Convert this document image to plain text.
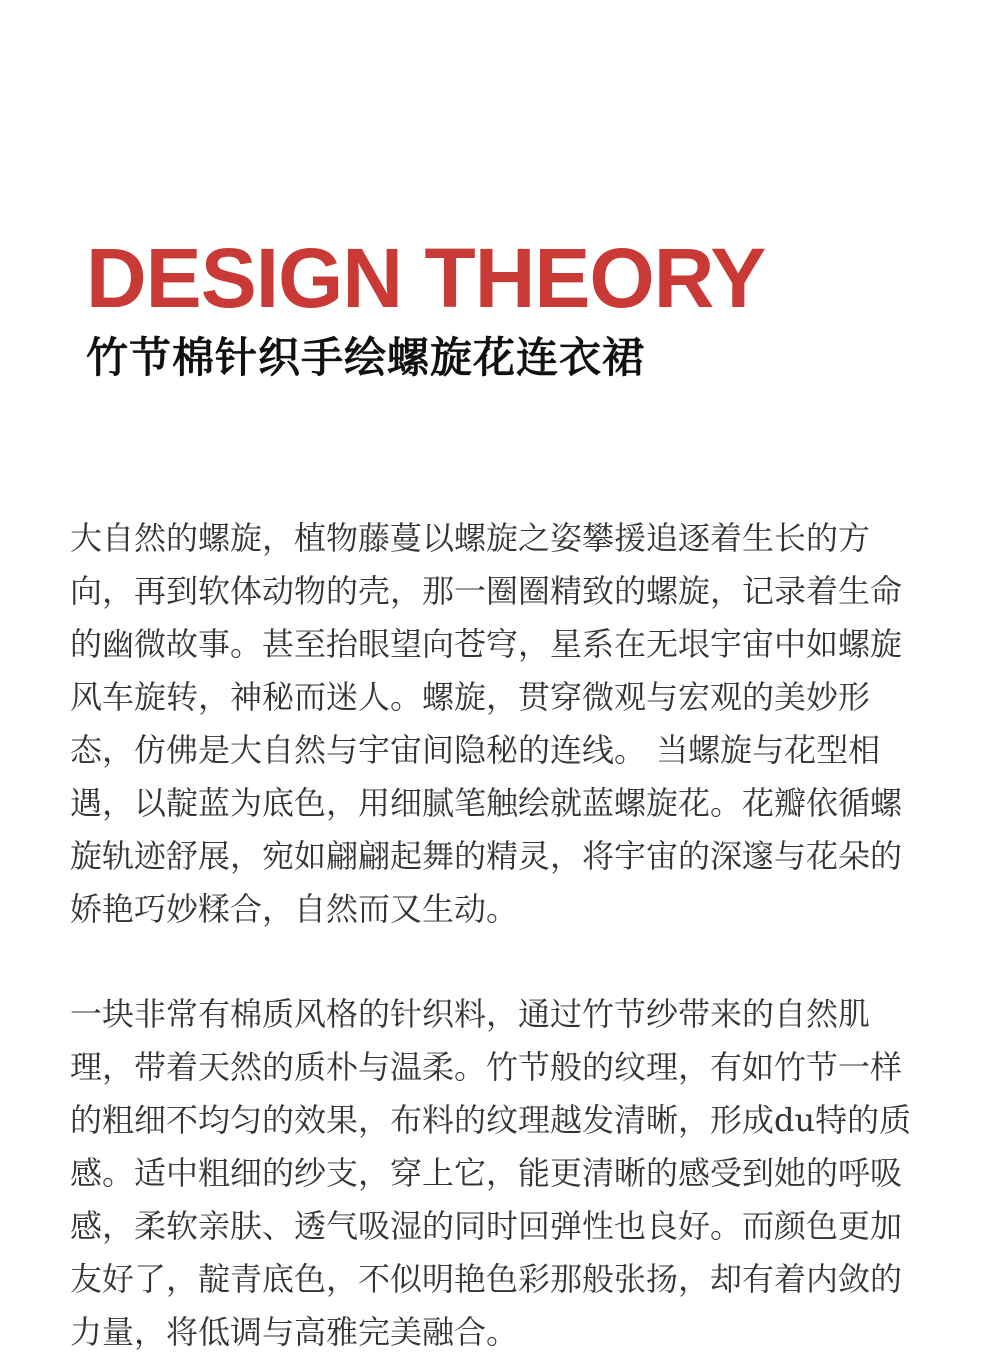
DESIGN THEORY
竹节棉针织手绘螺旋花连衣裙

大自然的螺旋，植物藤蔓以螺旋之姿攀援追逐着生长的方向，再到软体动物的壳，那一圈圈精致的螺旋，记录着生命的幽微故事。甚至抬眼望向苍穹，星系在无垠宇宙中如螺旋风车旋转，神秘而迷人。螺旋，贯穿微观与宏观的美妙形态，仿佛是大自然与宇宙间隐秘的连线。 当螺旋与花型相遇，以靛蓝为底色，用细腻笔触绘就蓝螺旋花。花瓣依循螺旋轨迹舒展，宛如翩翩起舞的精灵，将宇宙的深邃与花朵的娇艳巧妙糅合，自然而又生动。

一块非常有棉质风格的针织料，通过竹节纱带来的自然肌理，带着天然的质朴与温柔。竹节般的纹理，有如竹节一样的粗细不均匀的效果，布料的纹理越发清晰，形成du特的质感。适中粗细的纱支，穿上它，能更清晰的感受到她的呼吸感，柔软亲肤、透气吸湿的同时回弹性也良好。而颜色更加友好了，靛青底色，不似明艳色彩那般张扬，却有着内敛的力量，将低调与高雅完美融合。
